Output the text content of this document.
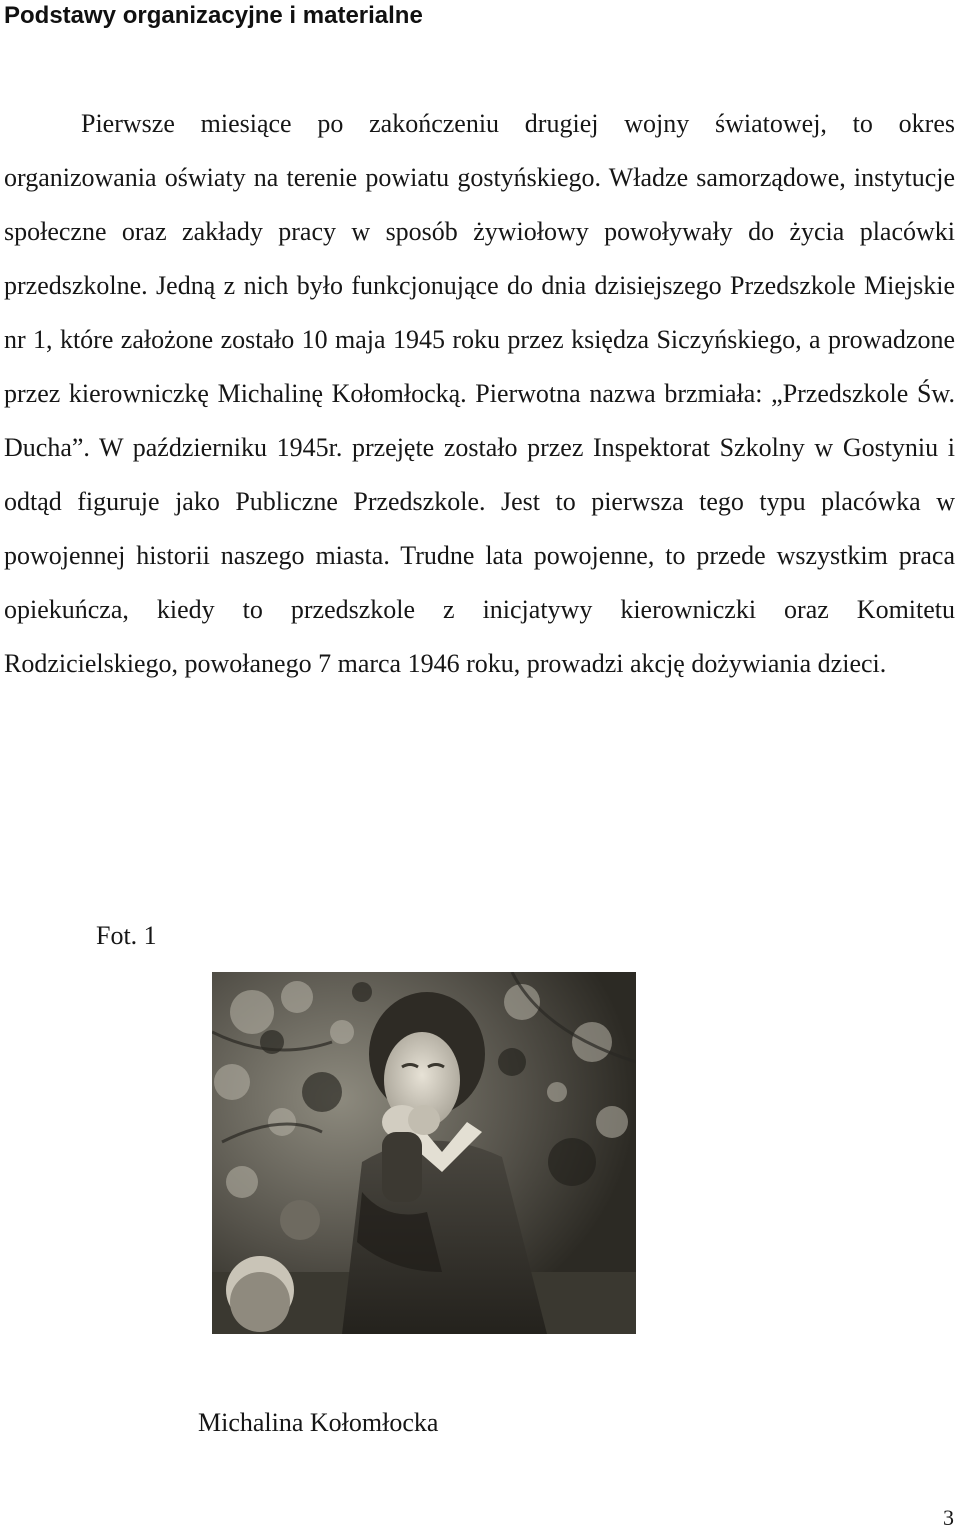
Podstawy organizacyjne i materialne

Pierwsze miesiące po zakończeniu drugiej wojny światowej, to okres organizowania oświaty na terenie powiatu gostyńskiego. Władze samorządowe, instytucje społeczne oraz zakłady pracy w sposób żywiołowy powoływały do życia placówki przedszkolne. Jedną z nich było funkcjonujące do dnia dzisiejszego Przedszkole Miejskie nr 1, które założone zostało 10 maja 1945 roku przez księdza Siczyńskiego, a prowadzone przez kierowniczkę Michalinę Kołomłocką. Pierwotna nazwa brzmiała: „Przedszkole Św. Ducha”. W październiku 1945r. przejęte zostało przez Inspektorat Szkolny w Gostyniu i odtąd figuruje jako Publiczne Przedszkole. Jest to pierwsza tego typu placówka w powojennej historii naszego miasta. Trudne lata powojenne, to przede wszystkim praca opiekuńcza, kiedy to przedszkole z inicjatywy kierowniczki oraz Komitetu Rodzicielskiego, powołanego 7 marca 1946 roku, prowadzi akcję dożywiania dzieci.

Fot. 1

Michalina Kołomłocka

3
